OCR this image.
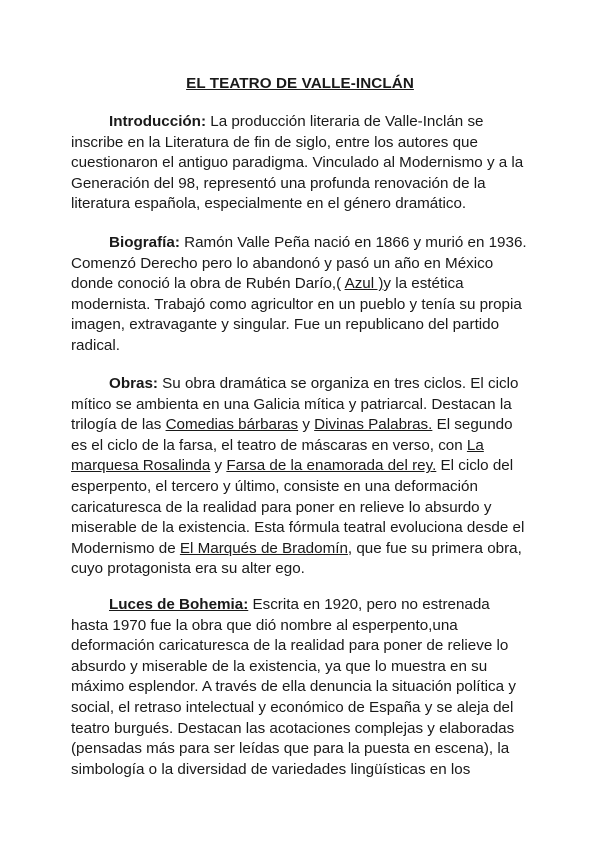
EL TEATRO DE VALLE-INCLÁN

Introducción: La producción literaria de Valle-Inclán se inscribe en la Literatura de fin de siglo, entre los autores que cuestionaron el antiguo paradigma. Vinculado al Modernismo y a la Generación del 98, representó una profunda renovación de la literatura española, especialmente en el género dramático.

Biografía: Ramón Valle Peña nació en 1866 y murió en 1936. Comenzó Derecho pero lo abandonó y pasó un año en México donde conoció la obra de Rubén Darío,( Azul )y la estética modernista. Trabajó como agricultor en un pueblo y tenía su propia imagen, extravagante y singular. Fue un republicano del partido radical.

Obras: Su obra dramática se organiza en tres ciclos. El ciclo mítico se ambienta en una Galicia mítica y patriarcal. Destacan la trilogía de las Comedias bárbaras y Divinas Palabras. El segundo es el ciclo de la farsa, el teatro de máscaras en verso, con La marquesa Rosalinda y Farsa de la enamorada del rey. El ciclo del esperpento, el tercero y último, consiste en una deformación caricaturesca de la realidad para poner en relieve lo absurdo y miserable de la existencia. Esta fórmula teatral evoluciona desde el Modernismo de El Marqués de Bradomín, que fue su primera obra, cuyo protagonista era su alter ego.

Luces de Bohemia: Escrita en 1920, pero no estrenada hasta 1970 fue la obra que dió nombre al esperpento,una deformación caricaturesca de la realidad para poner de relieve lo absurdo y miserable de la existencia, ya que lo muestra en su máximo esplendor. A través de ella denuncia la situación política y social, el retraso intelectual y económico de España y se aleja del teatro burgués. Destacan las acotaciones complejas y elaboradas (pensadas más para ser leídas que para la puesta en escena), la simbología o la diversidad de variedades lingüísticas en los
